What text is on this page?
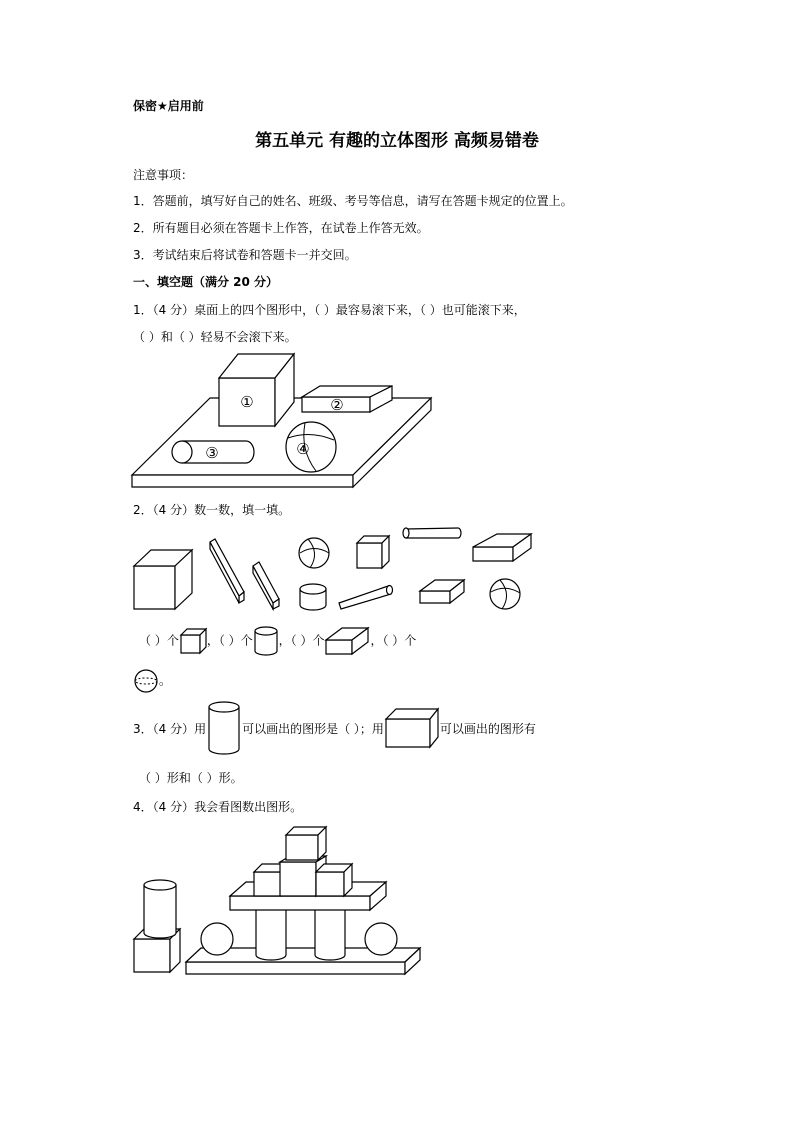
保密★启用前
第五单元 有趣的立体图形 高频易错卷
注意事项：
1．答题前，填写好自己的姓名、班级、考号等信息，请写在答题卡规定的位置上。
2．所有题目必须在答题卡上作答，在试卷上作答无效。
3．考试结束后将试卷和答题卡一并交回。
一、填空题（满分 20 分）
1．（4 分）桌面上的四个图形中，（ ）最容易滚下来，（ ）也可能滚下来，
（ ）和（ ）轻易不会滚下来。
①	②
③	④
2．（4 分）数一数，填一填。
（ ）个 ，（ ）个 ，（ ）个	，（ ）个
。
3．（4 分）用	可以画出的图形是（ ）；用	可以画出的图形有
（ ）形和（ ）形。
4．（4 分）我会看图数出图形。
